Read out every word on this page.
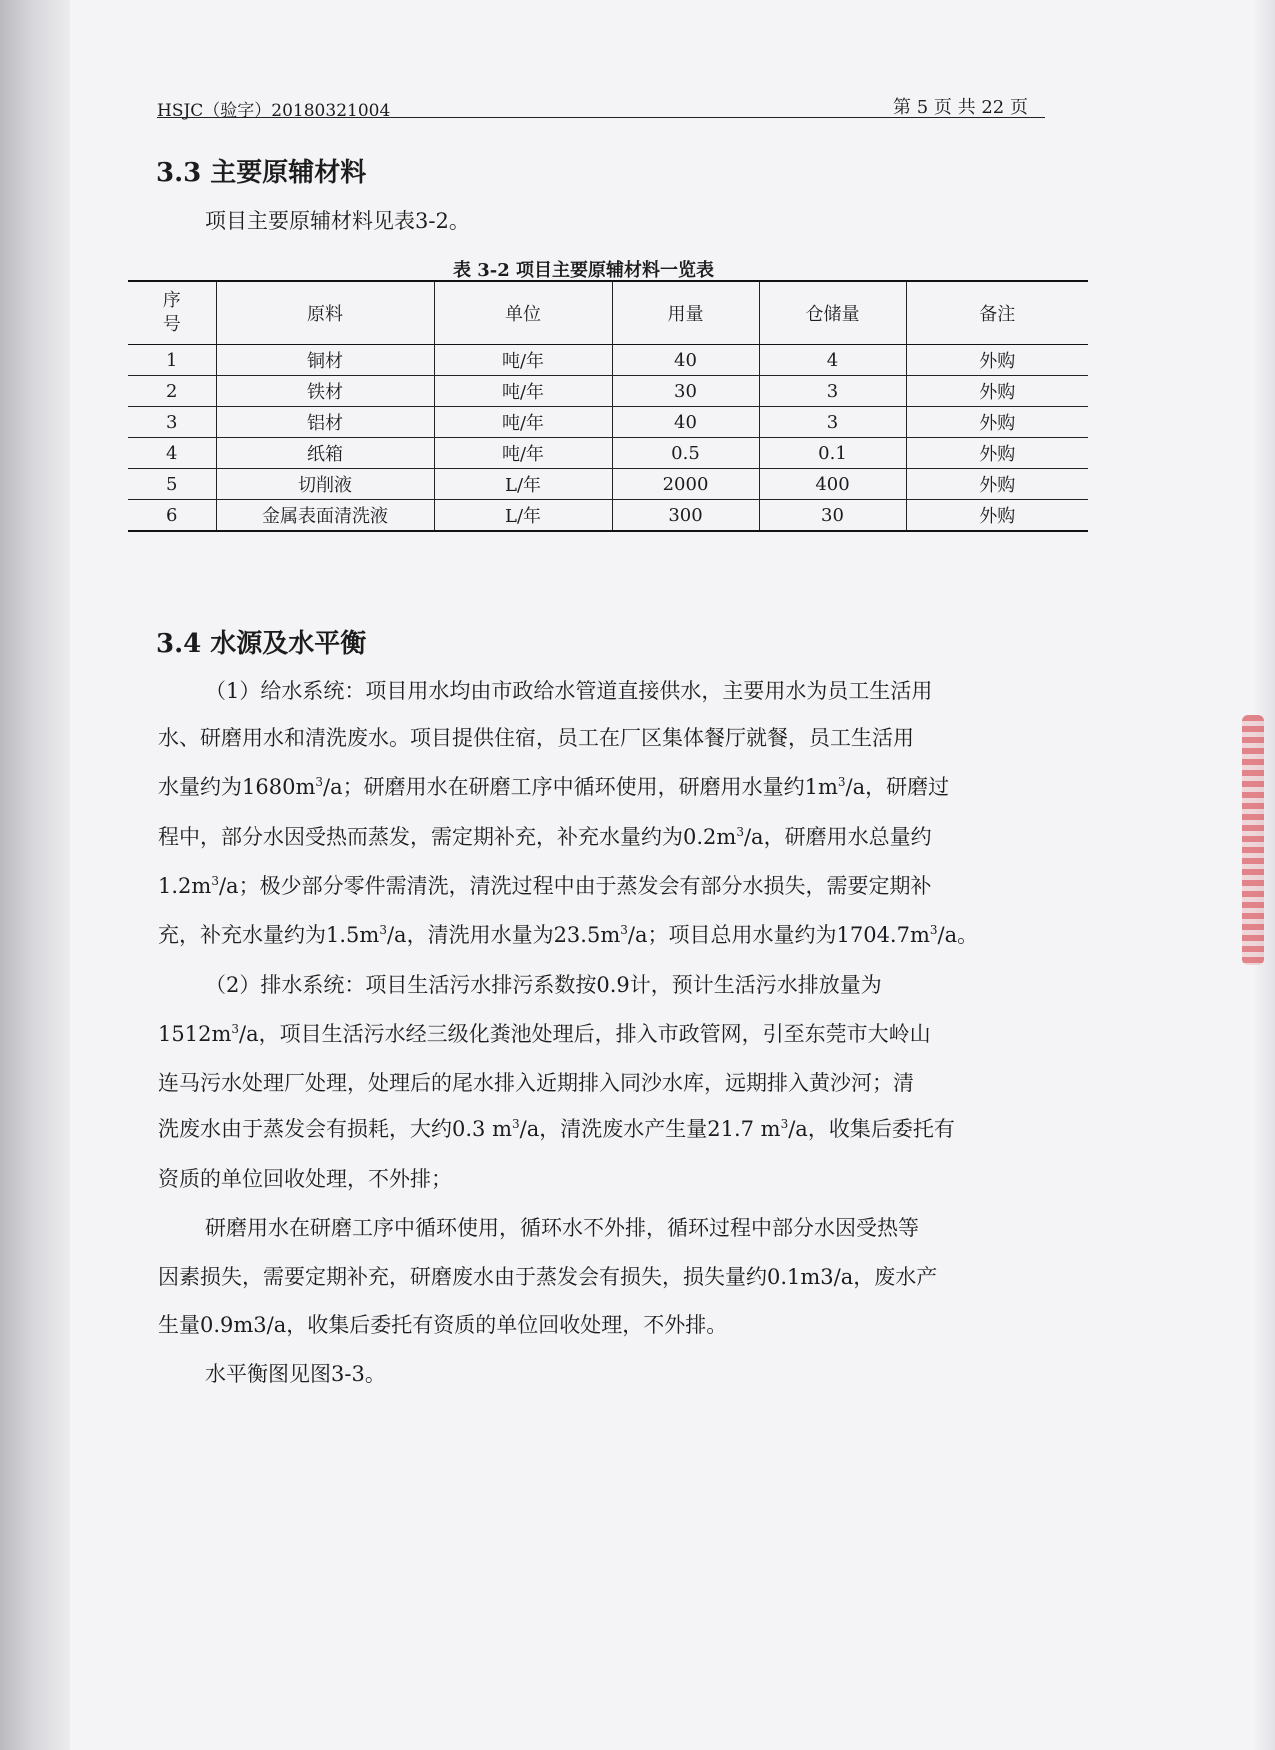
HSJC（验字）20180321004	第 5 页 共 22 页
3.3 主要原辅材料
项目主要原辅材料见表3-2。
表 3-2 项目主要原辅材料一览表
序
号	原料	单位	用量	仓储量	备注
1	铜材	吨/年	40	4	外购
2	铁材	吨/年	30	3	外购
3	铝材	吨/年	40	3	外购
4	纸箱	吨/年	0.5	0.1	外购
5	切削液	L/年	2000	400	外购
6	金属表面清洗液	L/年	300	30	外购
3.4 水源及水平衡
（1）给水系统：项目用水均由市政给水管道直接供水，主要用水为员工生活用
水、研磨用水和清洗废水。项目提供住宿，员工在厂区集体餐厅就餐，员工生活用
水量约为$1680m^3/a$；研磨用水在研磨工序中循环使用，研磨用水量约$1m^3/a$，研磨过
程中，部分水因受热而蒸发，需定期补充，补充水量约为$0.2m^3/a$，研磨用水总量约
$1.2m^3/a$；极少部分零件需清洗，清洗过程中由于蒸发会有部分水损失，需要定期补
充，补充水量约为$1.5m^3/a$，清洗用水量为$23.5m^3/a$；项目总用水量约为$1704.7m^3/a$。
（2）排水系统：项目生活污水排污系数按0.9计，预计生活污水排放量为
$1512m^3/a$，项目生活污水经三级化粪池处理后，排入市政管网，引至东莞市大岭山
连马污水处理厂处理，处理后的尾水排入近期排入同沙水库，远期排入黄沙河；清
洗废水由于蒸发会有损耗，大约0.3 $m^3/a$，清洗废水产生量21.7 $m^3/a$，收集后委托有
资质的单位回收处理，不外排；
研磨用水在研磨工序中循环使用，循环水不外排，循环过程中部分水因受热等
因素损失，需要定期补充，研磨废水由于蒸发会有损失，损失量约0.1m3/a，废水产
生量0.9m3/a，收集后委托有资质的单位回收处理，不外排。
水平衡图见图3-3。
